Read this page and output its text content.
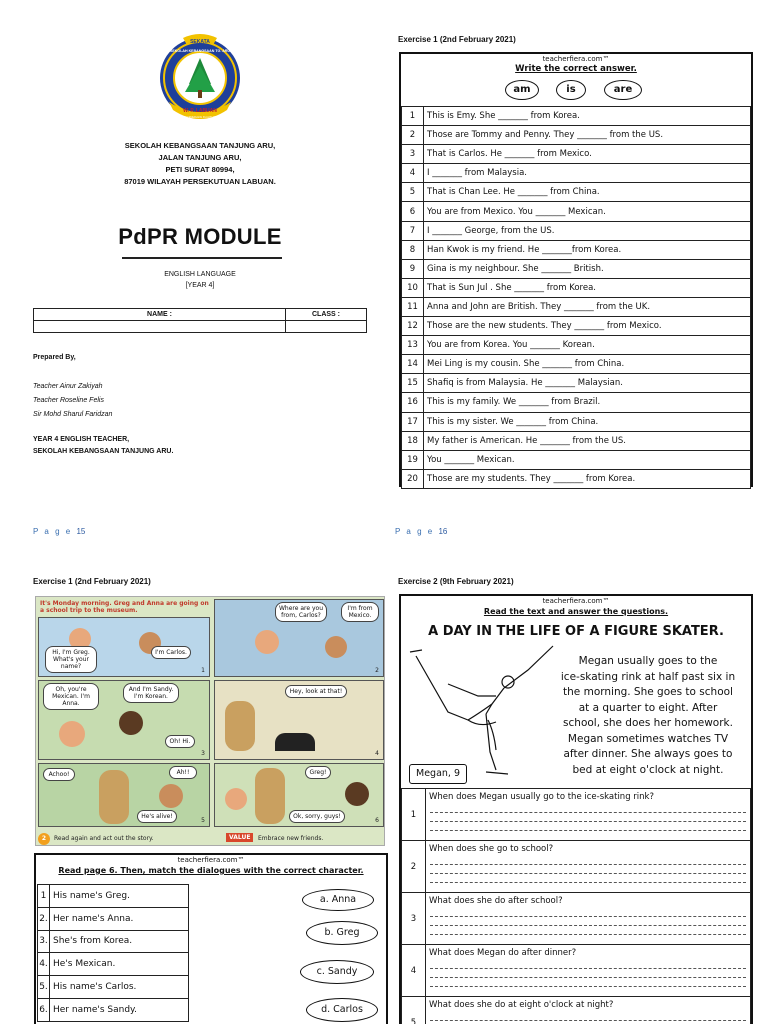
SEKATA
W. P. LABUAN
SEKOLAH KEBANGSAAN TG. ARU
PRESTASI CEMERLANG KUALITI GEMILANG
SEKOLAH KEBANGSAAN TANJUNG ARU,
JALAN TANJUNG ARU,
PETI SURAT 80994,
87019 WILAYAH PERSEKUTUAN LABUAN.
PdPR MODULE
ENGLISH LANGUAGE
[YEAR 4]
NAME :	CLASS :

Prepared By,
Teacher Ainur Zakiyah
Teacher Roseline Felis
Sir Mohd Sharul Faridzan
YEAR 4 ENGLISH TEACHER,
SEKOLAH KEBANGSAAN TANJUNG ARU.
P a g e 15	P a g e 16
Exercise 1 (2nd February 2021)
teacherfiera.com™
Write the correct answer.
am	is	are
1	This is Emy. She _______ from Korea.
2	Those are Tommy and Penny. They _______ from the US.
3	That is Carlos. He _______ from Mexico.
4	I _______ from Malaysia.
5	That is Chan Lee. He _______ from China.
6	You are from Mexico. You _______ Mexican.
7	I _______ George, from the US.
8	Han Kwok is my friend. He _______from Korea.
9	Gina is my neighbour. She _______ British.
10	That is Sun Jul . She _______ from Korea.
11	Anna and John are British. They _______ from the UK.
12	Those are the new students. They _______ from Mexico.
13	You are from Korea. You _______ Korean.
14	Mei Ling is my cousin. She _______ from China.
15	Shafiq is from Malaysia. He _______ Malaysian.
16	This is my family. We _______ from Brazil.
17	This is my sister. We _______ from China.
18	My father is American. He _______ from the US.
19	You _______ Mexican.
20	Those are my students. They _______ from Korea.
Exercise 1 (2nd February 2021)
It's Monday morning. Greg and Anna are going on a school trip to the museum.
Hi, I'm Greg. What's your name?
I'm Carlos.
1
Where are you from, Carlos?
I'm from Mexico.
2
Oh, you're Mexican. I'm Anna.
And I'm Sandy. I'm Korean.
Oh! Hi.
3
Hey, look at that!
4
Achoo!	Ah!!
He's alive!
5
Greg!
Ok, sorry, guys!
6
2	Read again and act out the story.	VALUE	Embrace new friends.
teacherfiera.com™
Read page 6. Then, match the dialogues with the correct character.
1	His name's Greg.
2.	Her name's Anna.
3.	She's from Korea.
4.	He's Mexican.
5.	His name's Carlos.
6.	Her name's Sandy.
a. Anna
b. Greg
c. Sandy
d. Carlos
Exercise 2 (9th February 2021)
teacherfiera.com™
Read the text and answer the questions.
A DAY IN THE LIFE OF A FIGURE SKATER.
Megan, 9
Megan usually goes to the
ice-skating rink at half past six in
the morning. She goes to school
at a quarter to eight. After
school, she does her homework.
Megan sometimes watches TV
after dinner. She always goes to
bed at eight o'clock at night.
1	When does Megan usually go to the ice-skating rink?

2	When does she go to school?

3	What does she do after school?

4	What does Megan do after dinner?

5	What does she do at eight o'clock at night?
